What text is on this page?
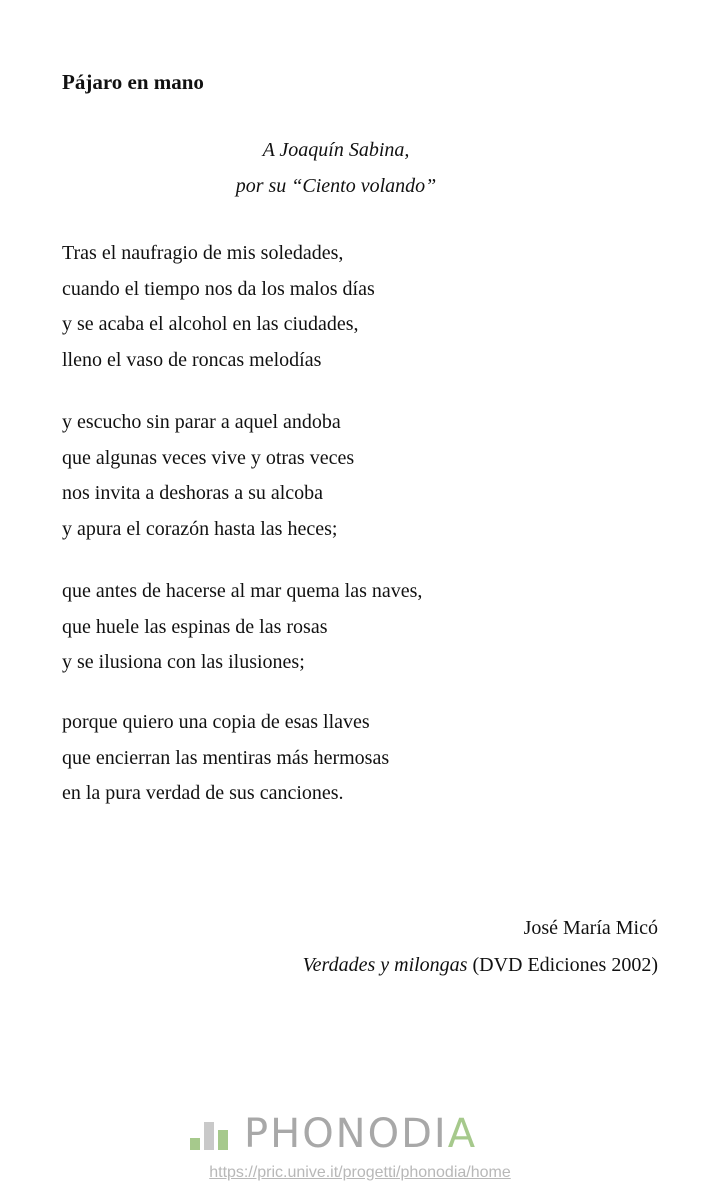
Pájaro en mano
A Joaquín Sabina,
por su “Ciento volando”
Tras el naufragio de mis soledades,
cuando el tiempo nos da los malos días
y se acaba el alcohol en las ciudades,
lleno el vaso de roncas melodías
y escucho sin parar a aquel andoba
que algunas veces vive y otras veces
nos invita a deshoras a su alcoba
y apura el corazón hasta las heces;
que antes de hacerse al mar quema las naves,
que huele las espinas de las rosas
y se ilusiona con las ilusiones;
porque quiero una copia de esas llaves
que encierran las mentiras más hermosas
en la pura verdad de sus canciones.
José María Micó
Verdades y milongas (DVD Ediciones 2002)
PHONODIA
https://pric.unive.it/progetti/phonodia/home
